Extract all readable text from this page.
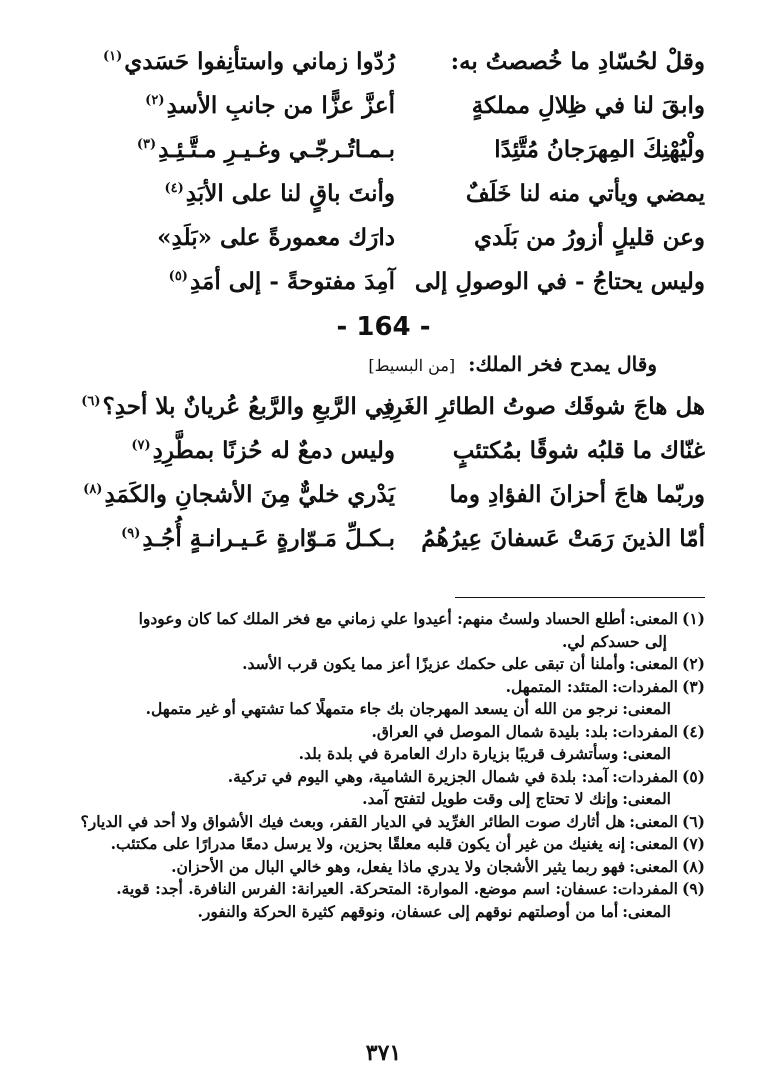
وقلْ لحُسّادِ ما خُصصتُ به:
رُدّوا زماني واستأنِفوا حَسَدي$^{(١)}$
وابقَ لنا في ظِلالِ مملكةٍ
أعزَّ عزًّا من جانبِ الأسدِ$^{(٢)}$
ولْيُهْنِكَ المِهرَجانُ مُتَّئِدًا
بـمـاتُـرجّـي وغـيـرِ مـتَّـئِـدِ$^{(٣)}$
يمضي ويأتي منه لنا خَلَفٌ
وأنتَ باقٍ لنا على الأبَدِ$^{(٤)}$
وعن قليلٍ أزورُ من بَلَدي
دارَك معمورةً على «بَلَدِ»
وليس يحتاجُ - في الوصولِ إلى
آمِدَ مفتوحةً - إلى أمَدِ$^{(٥)}$
- 164 -
وقال يمدح فخر الملك: [من البسيط]
هل هاجَ شوقَك صوتُ الطائرِ الغَرِدِ
في الرَّبعِ والرَّبعُ عُريانٌ بلا أحدِ؟$^{(٦)}$
غنّاك ما قلبُه شوقًا بمُكتئبٍ
وليس دمعٌ له حُزنًا بمطَّرِدِ$^{(٧)}$
وربّما هاجَ أحزانَ الفؤادِ وما
يَدْري خليٌّ مِنَ الأشجانِ والكَمَدِ$^{(٨)}$
أمّا الذينَ رَمَتْ عَسفانَ عِيرُهُمُ
بـكـلِّ مَـوّارةٍ عَـيـرانـةٍ أُجُـدِ$^{(٩)}$
(١)المعنى:أطلع الحساد ولستُ منهم: أعيدوا علي زماني مع فخر الملك كما كان وعودوا
إلى حسدكم لي.
(٢)المعنى:وأملنا أن تبقى على حكمك عزيزًا أعز مما يكون قرب الأسد.
(٣)المفردات:المتئد: المتمهل.
المعنى:نرجو من الله أن يسعد المهرجان بك جاء متمهلًا كما تشتهي أو غير متمهل.
(٤)المفردات:بلد: بليدة شمال الموصل في العراق.
المعنى:وسأتشرف قريبًا بزيارة دارك العامرة في بلدة بلد.
(٥)المفردات:آمد: بلدة في شمال الجزيرة الشامية، وهي اليوم في تركية.
المعنى:وإنك لا تحتاج إلى وقت طويل لتفتح آمد.
(٦)المعنى:هل أثارك صوت الطائر الغرِّيد في الديار القفر، وبعث فيك الأشواق ولا أحد في الديار؟
(٧)المعنى:إنه يغنيك من غير أن يكون قلبه معلقًا بحزين، ولا يرسل دمعًا مدرارًا على مكتئب.
(٨)المعنى:فهو ربما يثير الأشجان ولا يدري ماذا يفعل، وهو خالي البال من الأحزان.
(٩)المفردات:عسفان: اسم موضع. الموارة: المتحركة. العيرانة: الفرس النافرة. أجد: قوية.
المعنى:أما من أوصلتهم نوقهم إلى عسفان، ونوقهم كثيرة الحركة والنفور.
٣٧١
